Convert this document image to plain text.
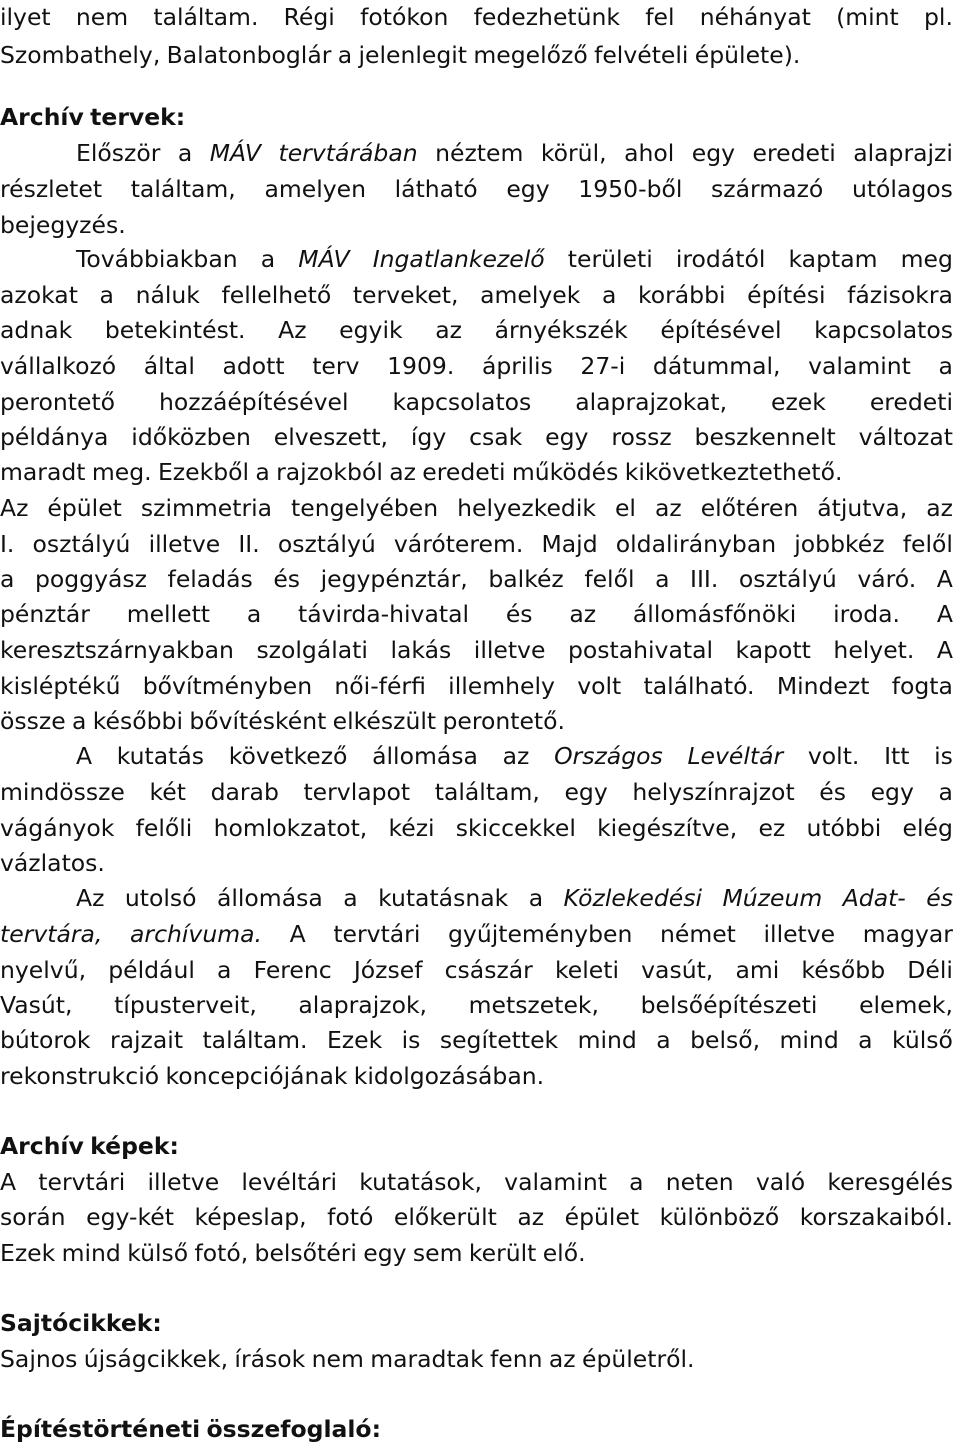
ilyet nem találtam. Régi fotókon fedezhetünk fel néhányat (mint pl.
Szombathely, Balatonboglár a jelenlegit megelőző felvételi épülete).
Archív tervek:
Először a MÁV tervtárában néztem körül, ahol egy eredeti alaprajzi
részletet találtam, amelyen látható egy 1950-ből származó utólagos
bejegyzés.
Továbbiakban a MÁV Ingatlankezelő területi irodától kaptam meg
azokat a náluk fellelhető terveket, amelyek a korábbi építési fázisokra
adnak betekintést. Az egyik az árnyékszék építésével kapcsolatos
vállalkozó által adott terv 1909. április 27-i dátummal, valamint a
perontető hozzáépítésével kapcsolatos alaprajzokat, ezek eredeti
példánya időközben elveszett, így csak egy rossz beszkennelt változat
maradt meg. Ezekből a rajzokból az eredeti működés kikövetkeztethető.
Az épület szimmetria tengelyében helyezkedik el az előtéren átjutva, az
I. osztályú illetve II. osztályú váróterem. Majd oldalirányban jobbkéz felől
a poggyász feladás és jegypénztár, balkéz felől a III. osztályú váró. A
pénztár mellett a távirda-hivatal és az állomásfőnöki iroda. A
keresztszárnyakban szolgálati lakás illetve postahivatal kapott helyet. A
kisléptékű bővítményben női-férfi illemhely volt található. Mindezt fogta
össze a későbbi bővítésként elkészült perontető.
A kutatás következő állomása az Országos Levéltár volt. Itt is
mindössze két darab tervlapot találtam, egy helyszínrajzot és egy a
vágányok felőli homlokzatot, kézi skiccekkel kiegészítve, ez utóbbi elég
vázlatos.
Az utolsó állomása a kutatásnak a Közlekedési Múzeum Adat- és
tervtára, archívuma. A tervtári gyűjteményben német illetve magyar
nyelvű, például a Ferenc József császár keleti vasút, ami később Déli
Vasút, típusterveit, alaprajzok, metszetek, belsőépítészeti elemek,
bútorok rajzait találtam. Ezek is segítettek mind a belső, mind a külső
rekonstrukció koncepciójának kidolgozásában.
Archív képek:
A tervtári illetve levéltári kutatások, valamint a neten való keresgélés
során egy-két képeslap, fotó előkerült az épület különböző korszakaiból.
Ezek mind külső fotó, belsőtéri egy sem került elő.
Sajtócikkek:
Sajnos újságcikkek, írások nem maradtak fenn az épületről.
Építéstörténeti összefoglaló:
